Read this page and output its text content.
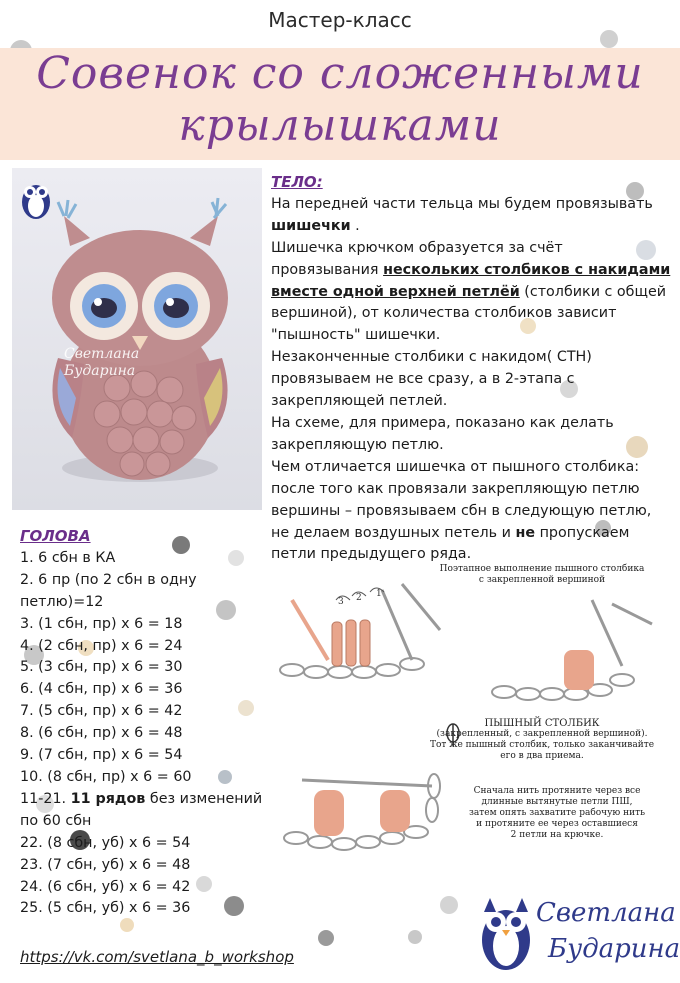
Мастер-класс
Совенок со сложенными
крылышками
Светлана
Бударина

ТЕЛО:

На передней части тельца мы будем провязывать шишечки .

Шишечка крючком образуется за счёт провязывания нескольких столбиков с накидами вместе одной верхней петлёй (столбики с общей вершиной), от количества столбиков зависит "пышность" шишечки.

Незаконченные столбики с накидом( СТН) провязываем не все сразу, а в 2-этапа с закрепляющей петлей.

На схеме, для примера, показано как делать закрепляющую петлю.

Чем отличается шишечка от пышного столбика: после того как провязали закрепляющую петлю вершины – провязываем сбн в следующую петлю, не делаем воздушных петель и не пропускаем петли предыдущего ряда.

ГОЛОВА
1. 6 сбн в КА
2. 6 пр (по 2 сбн в одну петлю)=12
3. (1 сбн, пр) х 6 = 18
4. (2 сбн, пр) х 6 = 24
5. (3 сбн, пр) х 6 = 30
6. (4 сбн, пр) х 6 = 36
7. (5 сбн, пр) х 6 = 42
8. (6 сбн, пр) х 6 = 48
9. (7 сбн, пр) х 6 = 54
10. (8 сбн, пр) х 6 = 60
11-21. 11 рядов без изменений по 60 сбн
22. (8 сбн, уб) х 6 = 54
23. (7 сбн, уб) х 6 = 48
24. (6 сбн, уб) х 6 = 42
25. (5 сбн, уб) х 6 = 36
Поэтапное выполнение пышного столбика
с закрепленной вершиной
3 2 1
ПЫШНЫЙ СТОЛБИК
(закрепленный, с закрепленной вершиной).
Тот же пышный столбик, только заканчивайте
его в два приема.
Сначала нить протяните через все
длинные вытянутые петли ПШ,
затем опять захватите рабочую нить
и протяните ее через оставшиеся
2 петли на крючке.
https://vk.com/svetlana_b_workshop
Светлана
Бударина
